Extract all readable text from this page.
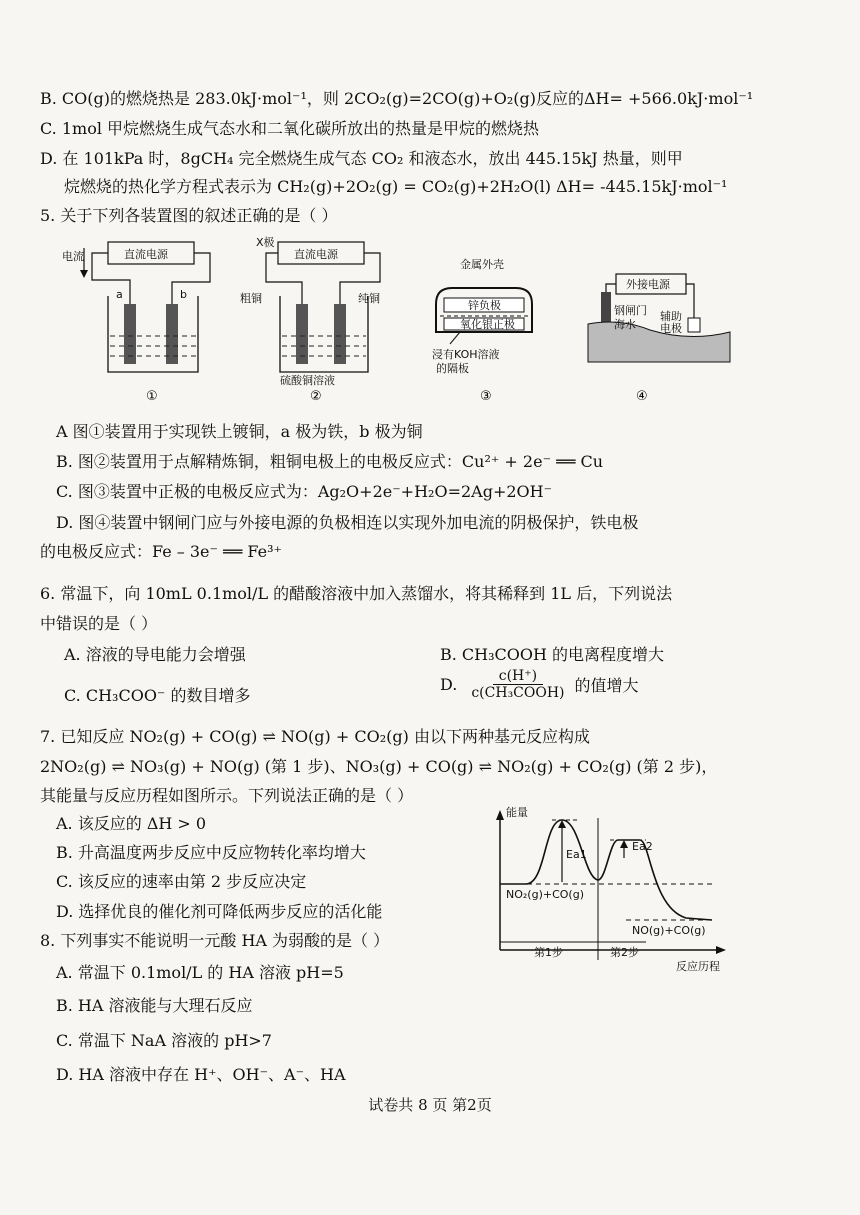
B. CO(g)的燃烧热是 283.0kJ·mol⁻¹，则 2CO₂(g)=2CO(g)+O₂(g)反应的ΔH= +566.0kJ·mol⁻¹
C. 1mol 甲烷燃烧生成气态水和二氧化碳所放出的热量是甲烷的燃烧热
D. 在 101kPa 时，8gCH₄ 完全燃烧生成气态 CO₂ 和液态水，放出 445.15kJ 热量，则甲
烷燃烧的热化学方程式表示为 CH₂(g)+2O₂(g) = CO₂(g)+2H₂O(l) ΔH= -445.15kJ·mol⁻¹
5. 关于下列各装置图的叙述正确的是（ ）
电流	直流电源
a	b
①
X极
直流电源
粗铜	纯铜
硫酸铜溶液
②
金属外壳
锌负极
氧化银正极
浸有KOH溶液
的隔板
③
外接电源
钢闸门
海水
辅助
电极
④
A 图①装置用于实现铁上镀铜，a 极为铁，b 极为铜
B. 图②装置用于点解精炼铜，粗铜电极上的电极反应式：Cu²⁺ + 2e⁻ ══ Cu
C. 图③装置中正极的电极反应式为：Ag₂O+2e⁻+H₂O=2Ag+2OH⁻
D. 图④装置中钢闸门应与外接电源的负极相连以实现外加电流的阴极保护，铁电极
的电极反应式：Fe – 3e⁻ ══ Fe³⁺
6. 常温下，向 10mL 0.1mol/L 的醋酸溶液中加入蒸馏水，将其稀释到 1L 后，下列说法
中错误的是（ ）
A. 溶液的导电能力会增强	B. CH₃COOH 的电离程度增大
C. CH₃COO⁻ 的数目增多
D.	c(H⁺)
c(CH₃COOH) 的值增大
7. 已知反应 NO₂(g) + CO(g) ⇌ NO(g) + CO₂(g) 由以下两种基元反应构成
2NO₂(g) ⇌ NO₃(g) + NO(g) (第 1 步)、NO₃(g) + CO(g) ⇌ NO₂(g) + CO₂(g) (第 2 步)，
其能量与反应历程如图所示。下列说法正确的是（ ）
A. 该反应的 ΔH > 0
B. 升高温度两步反应中反应物转化率均增大
C. 该反应的速率由第 2 步反应决定
D. 选择优良的催化剂可降低两步反应的活化能
能量
反应历程
Ea1
Ea2
NO₂(g)+CO(g)
NO(g)+CO(g)
第1步	第2步
8. 下列事实不能说明一元酸 HA 为弱酸的是（ ）
A. 常温下 0.1mol/L 的 HA 溶液 pH=5
B. HA 溶液能与大理石反应
C. 常温下 NaA 溶液的 pH>7
D. HA 溶液中存在 H⁺、OH⁻、A⁻、HA
试卷共 8 页 第2页
